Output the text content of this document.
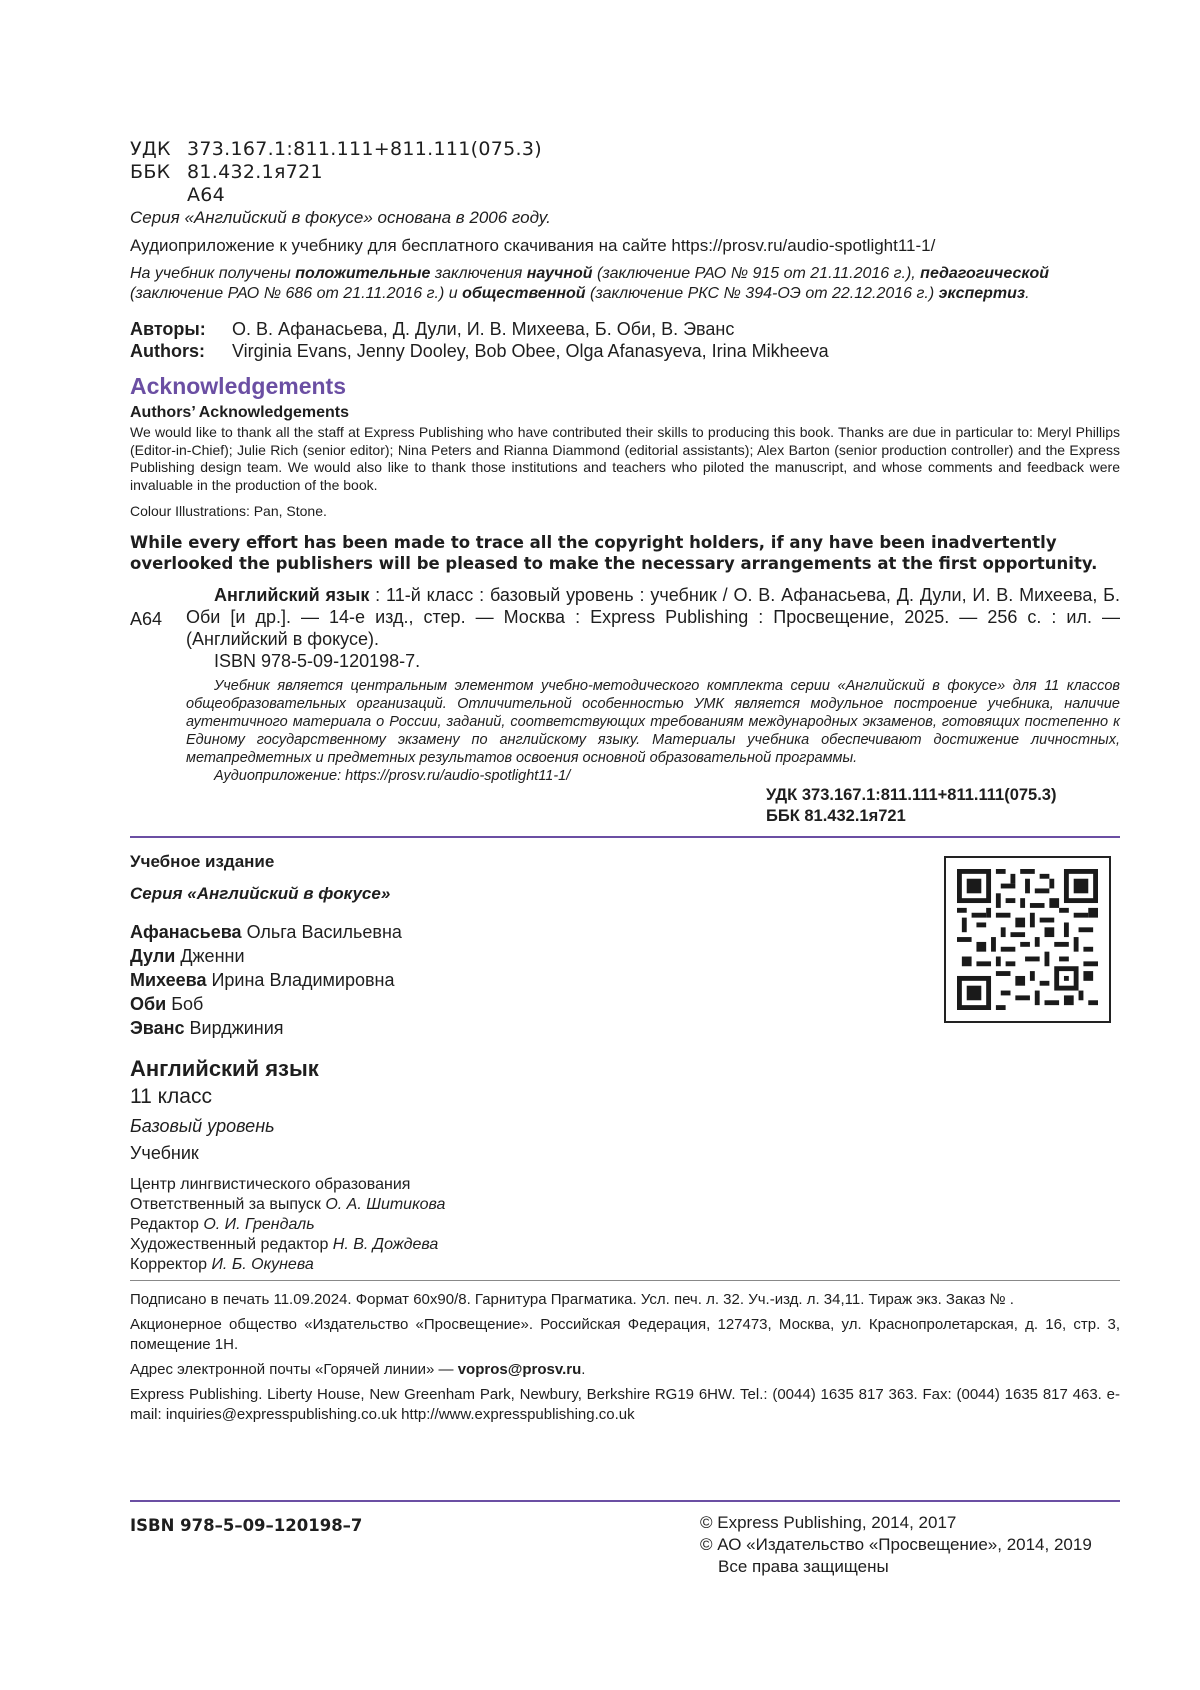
УДК 373.167.1:811.111+811.111(075.3)
ББК 81.432.1я721
А64
Серия «Английский в фокусе» основана в 2006 году.
Аудиоприложение к учебнику для бесплатного скачивания на сайте https://prosv.ru/audio-spotlight11-1/
На учебник получены положительные заключения научной (заключение РАО № 915 от 21.11.2016 г.), педагогической (заключение РАО № 686 от 21.11.2016 г.) и общественной (заключение РКС № 394-ОЭ от 22.12.2016 г.) экспертиз.
Авторы:	О. В. Афанасьева, Д. Дули, И. В. Михеева, Б. Оби, В. Эванс
Authors:	Virginia Evans, Jenny Dooley, Bob Obee, Olga Afanasyeva, Irina Mikheeva
Acknowledgements
Authors’ Acknowledgements
We would like to thank all the staff at Express Publishing who have contributed their skills to producing this book. Thanks are due in particular to: Meryl Phillips (Editor-in-Chief); Julie Rich (senior editor); Nina Peters and Rianna Diammond (editorial assistants); Alex Barton (senior production controller) and the Express Publishing design team. We would also like to thank those institutions and teachers who piloted the manuscript, and whose comments and feedback were invaluable in the production of the book.
Colour Illustrations: Pan, Stone.
While every effort has been made to trace all the copyright holders, if any have been inadvertently overlooked the publishers will be pleased to make the necessary arrangements at the first opportunity.
А64
Английский язык : 11-й класс : базовый уровень : учебник / О. В. Афанасьева, Д. Дули, И. В. Михеева, Б. Оби [и др.]. — 14-е изд., стер. — Москва : Express Publishing : Просвещение, 2025. — 256 с. : ил. — (Английский в фокусе).
ISBN 978-5-09-120198-7.
Учебник является центральным элементом учебно-методического комплекта серии «Английский в фокусе» для 11 классов общеобразовательных организаций. Отличительной особенностью УМК является модульное построение учебника, наличие аутентичного материала о России, заданий, соответствующих требованиям международных экзаменов, готовящих постепенно к Единому государственному экзамену по английскому языку. Материалы учебника обеспечивают достижение личностных, метапредметных и предметных результатов освоения основной образовательной программы.
Аудиоприложение: https://prosv.ru/audio-spotlight11-1/
УДК 373.167.1:811.111+811.111(075.3)
ББК 81.432.1я721
Учебное издание
Серия «Английский в фокусе»
Афанасьева Ольга Васильевна
Дули Дженни
Михеева Ирина Владимировна
Оби Боб
Эванс Вирджиния
Английский язык
11 класс
Базовый уровень
Учебник
Центр лингвистического образования
Ответственный за выпуск О. А. Шитикова
Редактор О. И. Грендаль
Художественный редактор Н. В. Дождева
Корректор И. Б. Окунева

Подписано в печать 11.09.2024. Формат 60х90/8. Гарнитура Прагматика. Усл. печ. л. 32. Уч.-изд. л. 34,11. Тираж экз. Заказ № .

Акционерное общество «Издательство «Просвещение». Российская Федерация, 127473, Москва, ул. Краснопролетарская, д. 16, стр. 3, помещение 1Н.

Адрес электронной почты «Горячей линии» — vopros@prosv.ru.

Express Publishing. Liberty House, New Greenham Park, Newbury, Berkshire RG19 6HW. Tel.: (0044) 1635 817 363. Fax: (0044) 1635 817 463. e-mail: inquiries@expresspublishing.co.uk http://www.expresspublishing.co.uk

ISBN 978–5–09–120198–7	© Express Publishing, 2014, 2017
© АО «Издательство «Просвещение», 2014, 2019
Все права защищены
